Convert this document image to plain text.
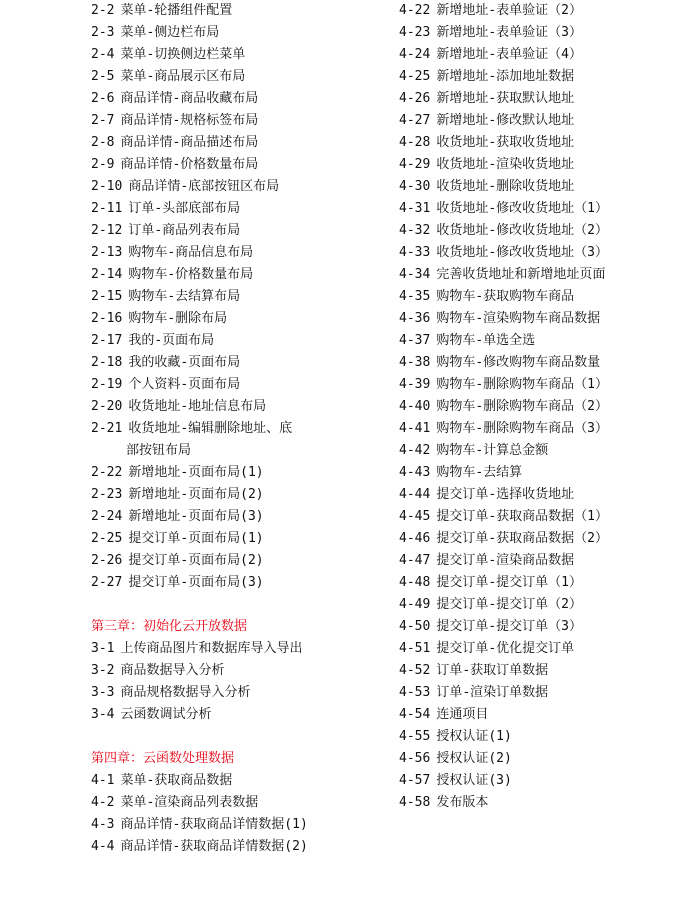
2-2 菜单-轮播组件配置
2-3 菜单-侧边栏布局
2-4 菜单-切换侧边栏菜单
2-5 菜单-商品展示区布局
2-6 商品详情-商品收藏布局
2-7 商品详情-规格标签布局
2-8 商品详情-商品描述布局
2-9 商品详情-价格数量布局
2-10 商品详情-底部按钮区布局
2-11 订单-头部底部布局
2-12 订单-商品列表布局
2-13 购物车-商品信息布局
2-14 购物车-价格数量布局
2-15 购物车-去结算布局
2-16 购物车-删除布局
2-17 我的-页面布局
2-18 我的收藏-页面布局
2-19 个人资料-页面布局
2-20 收货地址-地址信息布局
2-21 收货地址-编辑删除地址、底
部按钮布局
2-22 新增地址-页面布局(1)
2-23 新增地址-页面布局(2)
2-24 新增地址-页面布局(3)
2-25 提交订单-页面布局(1)
2-26 提交订单-页面布局(2)
2-27 提交订单-页面布局(3)
第三章：初始化云开放数据
3-1 上传商品图片和数据库导入导出
3-2 商品数据导入分析
3-3 商品规格数据导入分析
3-4 云函数调试分析
第四章：云函数处理数据
4-1 菜单-获取商品数据
4-2 菜单-渲染商品列表数据
4-3 商品详情-获取商品详情数据(1)
4-4 商品详情-获取商品详情数据(2)
4-22 新增地址-表单验证（2）
4-23 新增地址-表单验证（3）
4-24 新增地址-表单验证（4）
4-25 新增地址-添加地址数据
4-26 新增地址-获取默认地址
4-27 新增地址-修改默认地址
4-28 收货地址-获取收货地址
4-29 收货地址-渲染收货地址
4-30 收货地址-删除收货地址
4-31 收货地址-修改收货地址（1）
4-32 收货地址-修改收货地址（2）
4-33 收货地址-修改收货地址（3）
4-34 完善收货地址和新增地址页面
4-35 购物车-获取购物车商品
4-36 购物车-渲染购物车商品数据
4-37 购物车-单选全选
4-38 购物车-修改购物车商品数量
4-39 购物车-删除购物车商品（1）
4-40 购物车-删除购物车商品（2）
4-41 购物车-删除购物车商品（3）
4-42 购物车-计算总金额
4-43 购物车-去结算
4-44 提交订单-选择收货地址
4-45 提交订单-获取商品数据（1）
4-46 提交订单-获取商品数据（2）
4-47 提交订单-渲染商品数据
4-48 提交订单-提交订单（1）
4-49 提交订单-提交订单（2）
4-50 提交订单-提交订单（3）
4-51 提交订单-优化提交订单
4-52 订单-获取订单数据
4-53 订单-渲染订单数据
4-54 连通项目
4-55 授权认证(1)
4-56 授权认证(2)
4-57 授权认证(3)
4-58 发布版本
